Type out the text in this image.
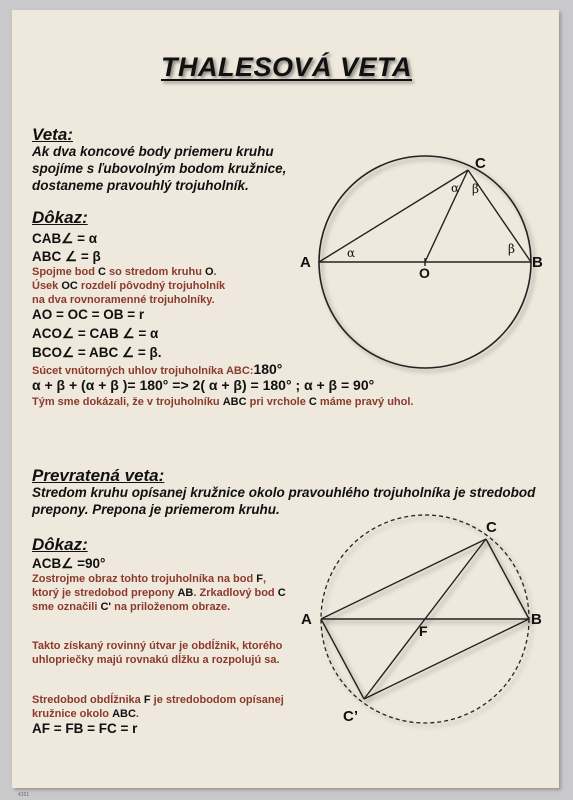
THALESOVÁ VETA
Veta:
Ak dva koncové body priemeru kruhu
spojíme s ľubovolným bodom kružnice,
dostaneme pravouhlý trojuholník.
Dôkaz:
CAB∠ = α
ABC ∠ = β
Spojme bod C so stredom kruhu O.
Úsek OC rozdelí pôvodný trojuholník
na dva rovnoramenné trojuholníky.
AO = OC = OB = r
ACO∠ = CAB ∠ = α
BCO∠ = ABC ∠ = β.
Súcet vnútorných uhlov trojuholníka ABC:180°
α + β + (α + β )= 180° => 2( α + β) = 180° ; α + β = 90°
Tým sme dokázali, že v trojuholníku ABC pri vrchole C máme pravý uhol.
Prevratená veta:
Stredom kruhu opísanej kružnice okolo pravouhlého trojuholníka je stredobod
prepony. Prepona je priemerom kruhu.
Dôkaz:
ACB∠ =90°
Zostrojme obraz tohto trojuholníka na bod F,
ktorý je stredobod prepony AB. Zrkadlový bod C
sme označili C' na priloženom obraze.
Takto získaný rovinný útvar je obdĺžnik, ktorého
uhlopriečky majú rovnakú dĺžku a rozpolujú sa.
Stredobod obdĺžnika F je stredobodom opísanej
kružnice okolo ABC.
AF = FB = FC = r
A	B
C
O
α
α β
β
A	B
C
F
C’
4151
